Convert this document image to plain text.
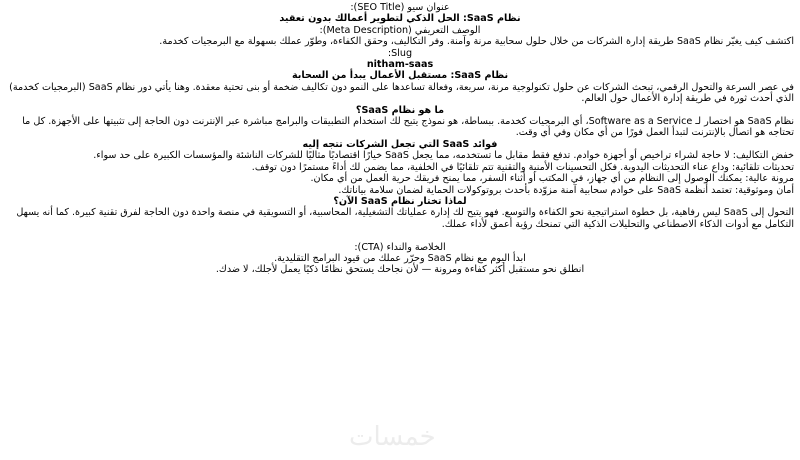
عنوان سيو (SEO Title):

نظام SaaS: الحل الذكي لتطوير أعمالك بدون تعقيد

الوصف التعريفي (Meta Description):

اكتشف كيف يغيّر نظام SaaS طريقة إدارة الشركات من خلال حلول سحابية مرنة وآمنة. وفر التكاليف، وحقق الكفاءة، وطوّر عملك بسهولة مع البرمجيات كخدمة.

Slug:

nitham-saas

نظام SaaS: مستقبل الأعمال يبدأ من السحابة

في عصر السرعة والتحول الرقمي، تبحث الشركات عن حلول تكنولوجية مرنة، سريعة، وفعالة تساعدها على النمو دون تكاليف ضخمة أو بنى تحتية معقدة. وهنا يأتي دور نظام SaaS (البرمجيات كخدمة) الذي أحدث ثورة في طريقة إدارة الأعمال حول العالم.

ما هو نظام SaaS؟

نظام SaaS هو اختصار لـ Software as a Service، أي البرمجيات كخدمة. ببساطة، هو نموذج يتيح لك استخدام التطبيقات والبرامج مباشرة عبر الإنترنت دون الحاجة إلى تثبيتها على الأجهزة. كل ما تحتاجه هو اتصال بالإنترنت لتبدأ العمل فورًا من أي مكان وفي أي وقت.

فوائد SaaS التي تجعل الشركات تتجه إليه

خفض التكاليف: لا حاجة لشراء تراخيص أو أجهزة خوادم. تدفع فقط مقابل ما تستخدمه، مما يجعل SaaS خيارًا اقتصاديًا مثاليًا للشركات الناشئة والمؤسسات الكبيرة على حد سواء.

تحديثات تلقائية: وداع عناء التحديثات اليدوية. فكل التحسينات الأمنية والتقنية تتم تلقائيًا في الخلفية، مما يضمن لك أداءً مستمرًا دون توقف.

مرونة عالية: يمكنك الوصول إلى النظام من أي جهاز، في المكتب أو أثناء السفر، مما يمنح فريقك حرية العمل من أي مكان.

أمان وموثوقية: تعتمد أنظمة SaaS على خوادم سحابية آمنة مزوّدة بأحدث بروتوكولات الحماية لضمان سلامة بياناتك.

لماذا تختار نظام SaaS الآن؟

التحول إلى SaaS ليس رفاهية، بل خطوة استراتيجية نحو الكفاءة والتوسع. فهو يتيح لك إدارة عملياتك التشغيلية، المحاسبية، أو التسويقية في منصة واحدة دون الحاجة لفرق تقنية كبيرة. كما أنه يسهل التكامل مع أدوات الذكاء الاصطناعي والتحليلات الذكية التي تمنحك رؤية أعمق لأداء عملك.

الخلاصة والنداء (CTA):

ابدأ اليوم مع نظام SaaS وحرّر عملك من قيود البرامج التقليدية.

انطلق نحو مستقبل أكثر كفاءة ومرونة — لأن نجاحك يستحق نظامًا ذكيًا يعمل لأجلك، لا ضدك.

خمسات
